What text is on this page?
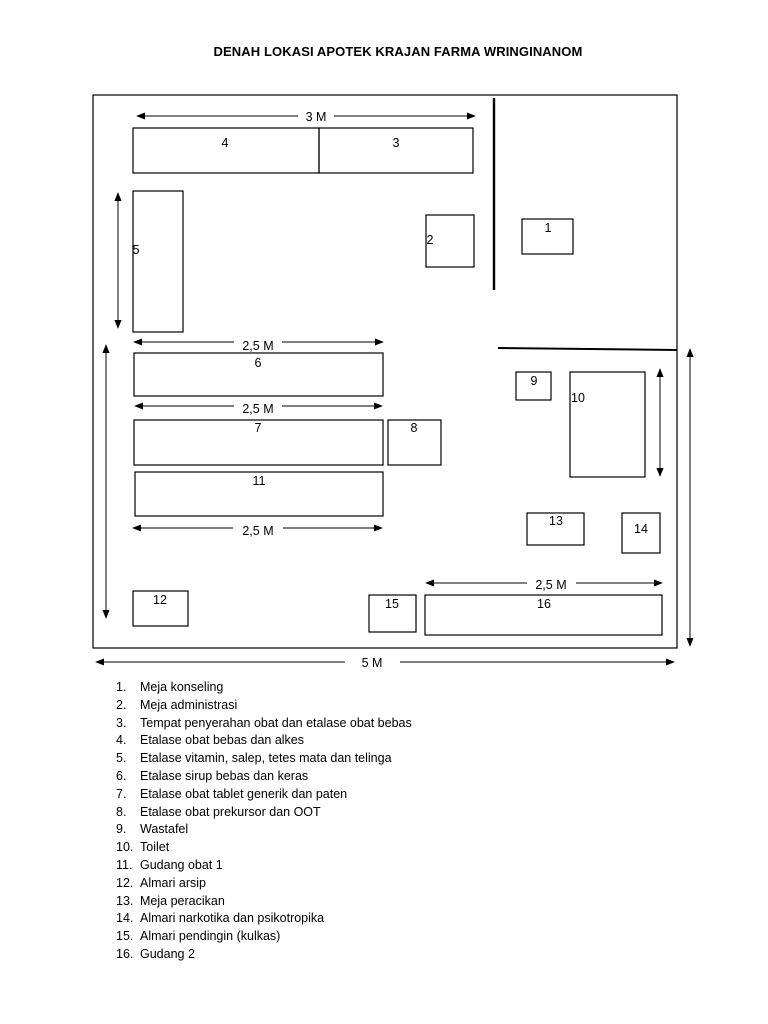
DENAH LOKASI APOTEK KRAJAN FARMA WRINGINANOM
3 M
2,5 M
2,5 M
2,5 M
2,5 M
5 M
4	3
2
1
5
6
7	8
11
9
10
13
14
12	15	16
1. Meja konseling
2. Meja administrasi
3. Tempat penyerahan obat dan etalase obat bebas
4. Etalase obat bebas dan alkes
5. Etalase vitamin, salep, tetes mata dan telinga
6. Etalase sirup bebas dan keras
7. Etalase obat tablet generik dan paten
8. Etalase obat prekursor dan OOT
9. Wastafel
10. Toilet
11. Gudang obat 1
12. Almari arsip
13. Meja peracikan
14. Almari narkotika dan psikotropika
15. Almari pendingin (kulkas)
16. Gudang 2
